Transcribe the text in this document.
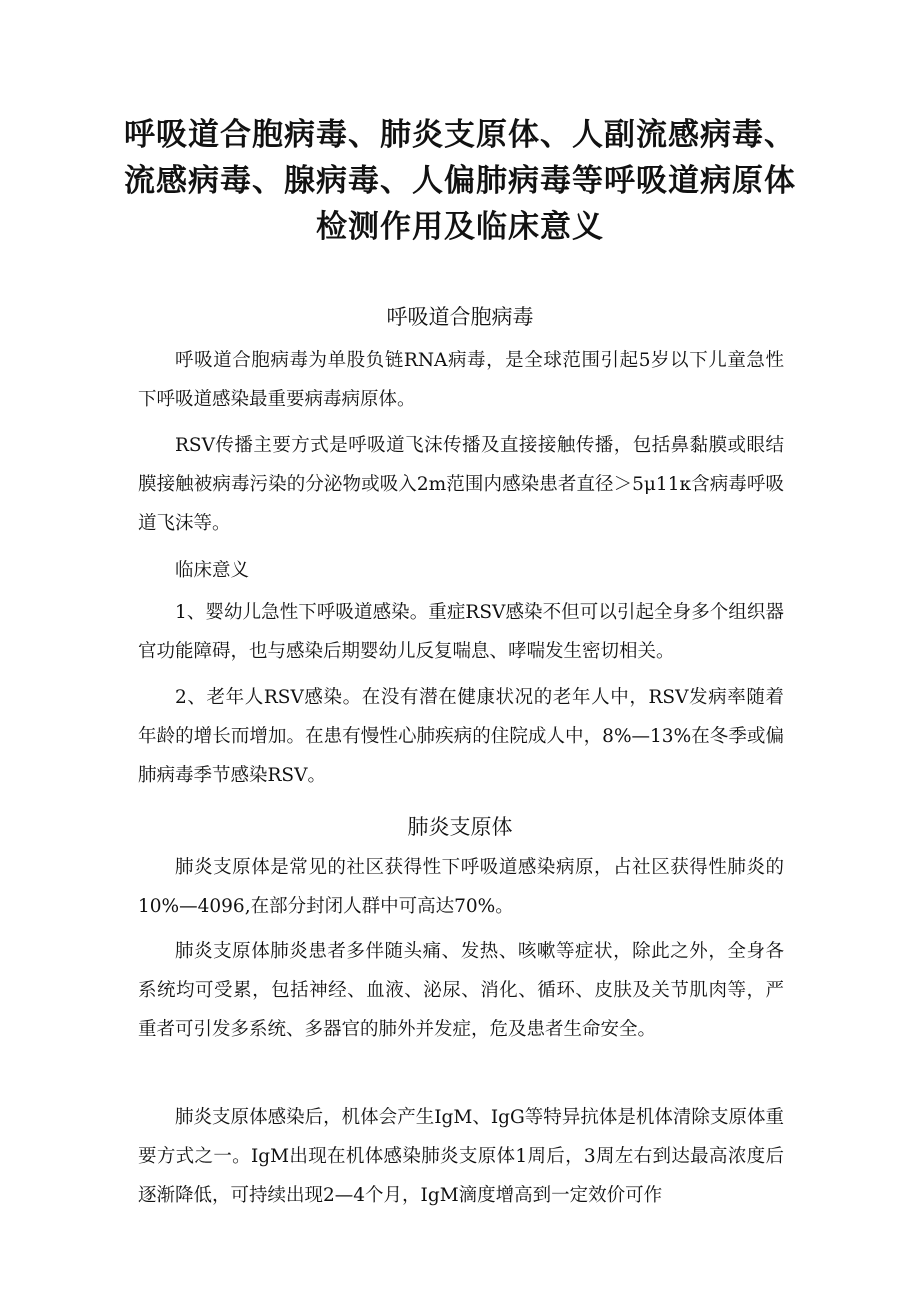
呼吸道合胞病毒、肺炎支原体、人副流感病毒、流感病毒、腺病毒、人偏肺病毒等呼吸道病原体检测作用及临床意义
呼吸道合胞病毒

呼吸道合胞病毒为单股负链RNA病毒，是全球范围引起5岁以下儿童急性下呼吸道感染最重要病毒病原体。

RSV传播主要方式是呼吸道飞沫传播及直接接触传播，包括鼻黏膜或眼结膜接触被病毒污染的分泌物或吸入2m范围内感染患者直径＞5μ11κ含病毒呼吸道飞沫等。

临床意义

1、婴幼儿急性下呼吸道感染。重症RSV感染不但可以引起全身多个组织器官功能障碍，也与感染后期婴幼儿反复喘息、哮喘发生密切相关。

2、老年人RSV感染。在没有潜在健康状况的老年人中，RSV发病率随着年龄的增长而增加。在患有慢性心肺疾病的住院成人中，8%—13%在冬季或偏肺病毒季节感染RSV。

肺炎支原体

肺炎支原体是常见的社区获得性下呼吸道感染病原，占社区获得性肺炎的10%—4096,在部分封闭人群中可高达70%。

肺炎支原体肺炎患者多伴随头痛、发热、咳嗽等症状，除此之外，全身各系统均可受累，包括神经、血液、泌尿、消化、循环、皮肤及关节肌肉等，严重者可引发多系统、多器官的肺外并发症，危及患者生命安全。

肺炎支原体感染后，机体会产生IgM、IgG等特异抗体是机体清除支原体重要方式之一。IgM出现在机体感染肺炎支原体1周后，3周左右到达最高浓度后逐渐降低，可持续出现2—4个月，IgM滴度增高到一定效价可作
